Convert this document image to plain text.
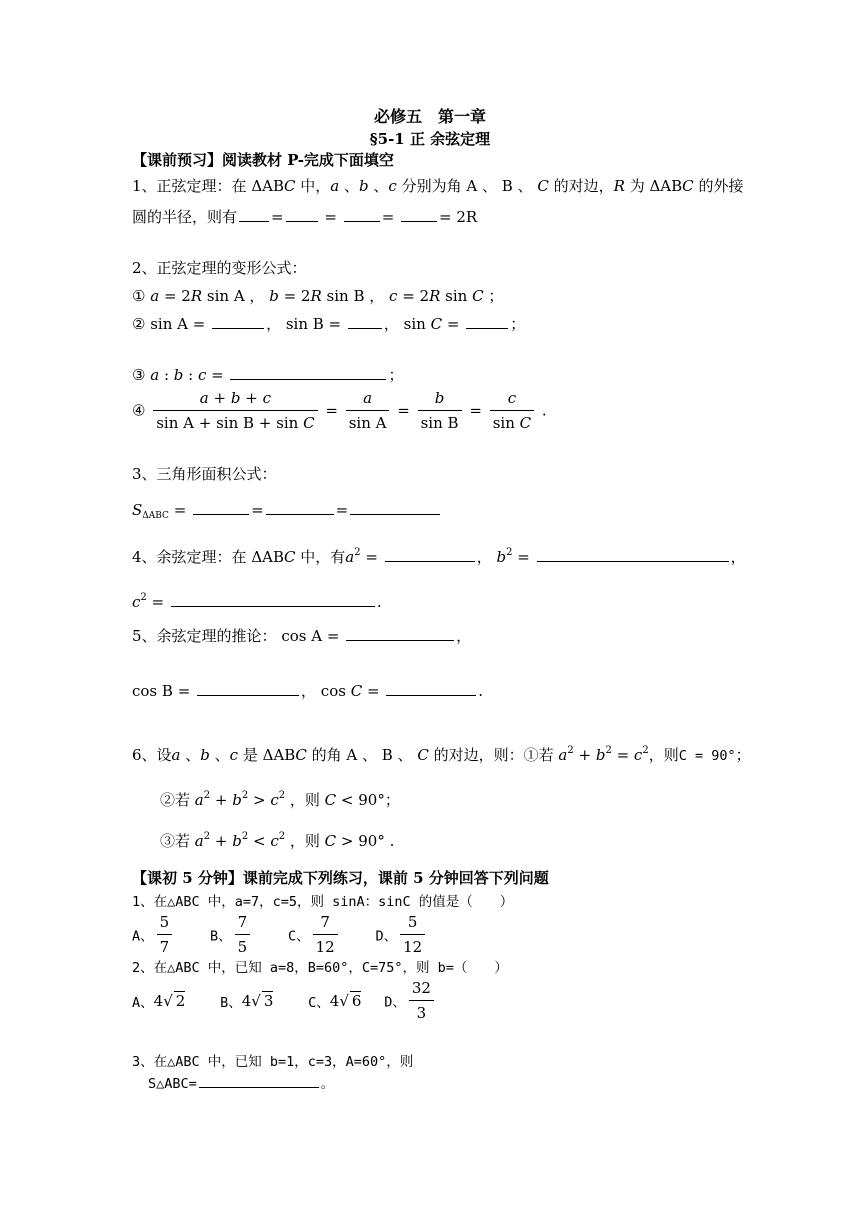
必修五　第一章
§5-1 正 余弦定理
【课前预习】阅读教材 P-完成下面填空
1、正弦定理：在 ΔABC 中，a 、b 、c 分别为角 A 、 B 、 C 的对边，R 为 ΔABC 的外接
圆的半径，则有 = =	=	= 2R
2、正弦定理的变形公式：
① a = 2R sin A ， b = 2R sin B ， c = 2R sin C ；
② sin A =	， sin B =	， sin C =	；
③ a : b : c =	；
④ $\frac{a + b + c}{\text{sin A + sin B + sin C}} = \frac{a}{\text{sin A}} = \frac{b}{\text{sin B}} = \frac{c}{\text{sin C}}$ .
3、三角形面积公式：
$S_{\Delta ABC}$ =	=	=
4、余弦定理：在 ΔABC 中，有$a^2$ =	， $b^2$ =	，
$c^2$ =	.
5、余弦定理的推论： cos A =	，
cos B =	， cos C =	.
6、设a 、b 、c 是 ΔABC 的角 A 、 B 、 C 的对边，则：①若 $a^2 + b^2 = c^2$，则C = 90°；
②若 $a^2 + b^2 > c^2$ ，则 C < 90°；
③若 $a^2 + b^2 < c^2$ ，则 C > 90° .
【课初 5 分钟】课前完成下列练习，课前 5 分钟回答下列问题
1、在△ABC 中，a=7，c=5，则 sinA：sinC 的值是（　　）
A、 $\frac{5}{7}$	B、 $\frac{7}{5}$	C、 $\frac{7}{12}$	D、 $\frac{5}{12}$
2、在△ABC 中，已知 a=8，B=60°，C=75°，则 b=（　　）
A、4√ 2	B、4√ 3	C、4√ 6 D、 $\frac{32}{3}$
3、在△ABC 中，已知 b=1，c=3，A=60°，则
S△ABC=	。
